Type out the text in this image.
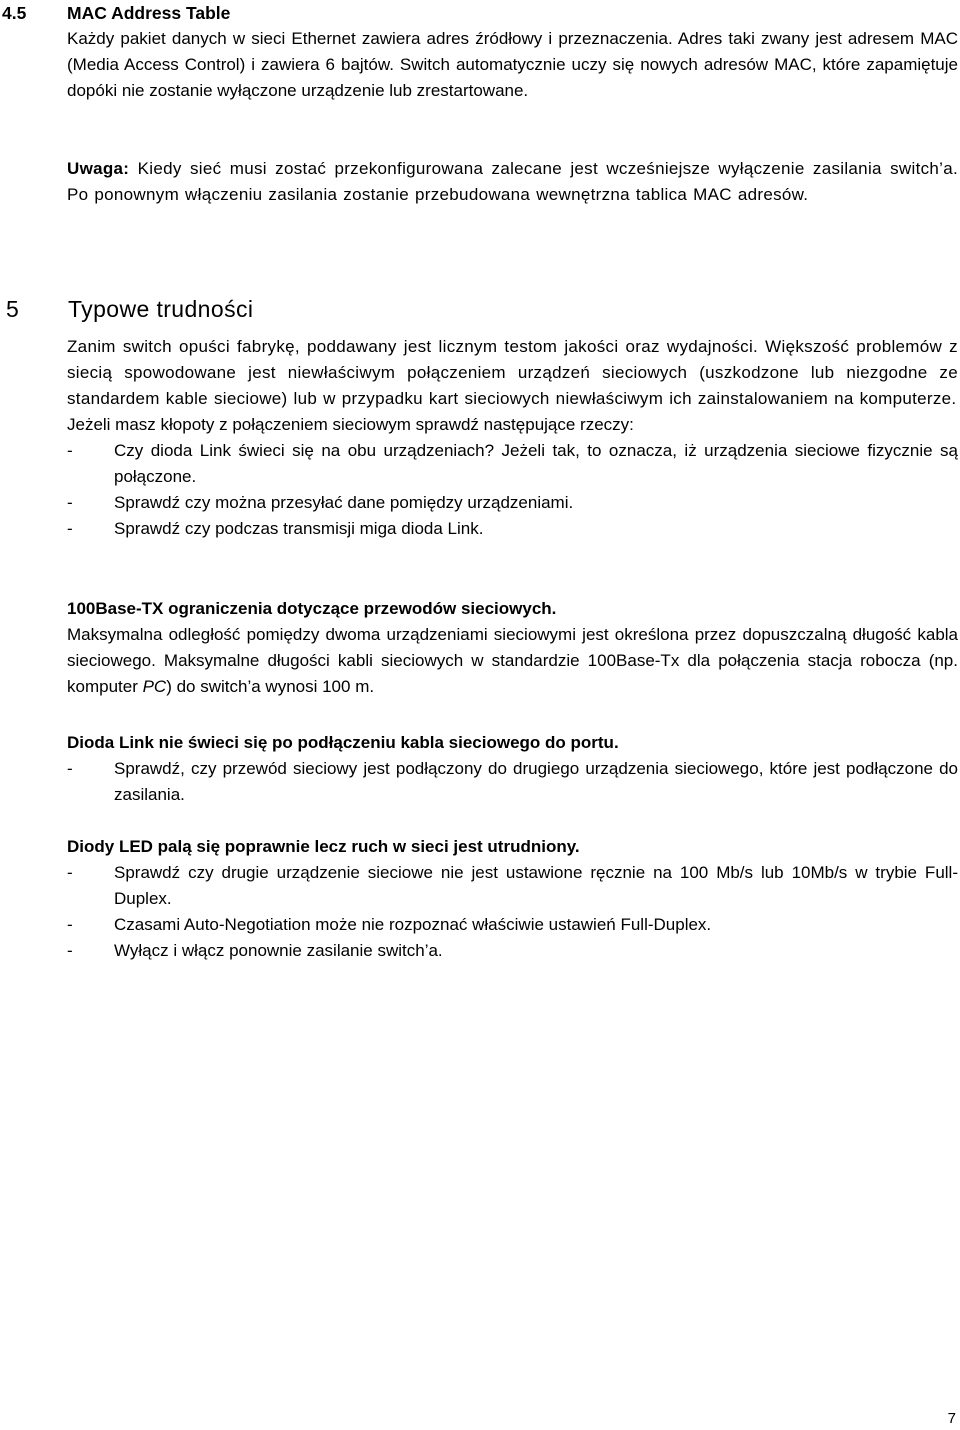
4.5 MAC Address Table

Każdy pakiet danych w sieci Ethernet zawiera adres źródłowy i przeznaczenia. Adres taki zwany jest adresem MAC (Media Access Control) i zawiera 6 bajtów. Switch automatycznie uczy się nowych adresów MAC, które zapamiętuje dopóki nie zostanie wyłączone urządzenie lub zrestartowane.

Uwaga: Kiedy sieć musi zostać przekonfigurowana zalecane jest wcześniejsze wyłączenie zasilania switch’a. Po ponownym włączeniu zasilania zostanie przebudowana wewnętrzna tablica MAC adresów.

5 Typowe trudności

Zanim switch opuści fabrykę, poddawany jest licznym testom jakości oraz wydajności. Większość problemów z siecią spowodowane jest niewłaściwym połączeniem urządzeń sieciowych (uszkodzone lub niezgodne ze standardem kable sieciowe) lub w przypadku kart sieciowych niewłaściwym ich zainstalowaniem na komputerze.

Jeżeli masz kłopoty z połączeniem sieciowym sprawdź następujące rzeczy:

- Czy dioda Link świeci się na obu urządzeniach? Jeżeli tak, to oznacza, iż urządzenia sieciowe fizycznie są połączone.
- Sprawdź czy można przesyłać dane pomiędzy urządzeniami.
- Sprawdź czy podczas transmisji miga dioda Link.

100Base-TX ograniczenia dotyczące przewodów sieciowych.

Maksymalna odległość pomiędzy dwoma urządzeniami sieciowymi jest określona przez dopuszczalną długość kabla sieciowego. Maksymalne długości kabli sieciowych w standardzie 100Base-Tx dla połączenia stacja robocza (np. komputer PC) do switch’a wynosi 100 m.

Dioda Link nie świeci się po podłączeniu kabla sieciowego do portu.

- Sprawdź, czy przewód sieciowy jest podłączony do drugiego urządzenia sieciowego, które jest podłączone do zasilania.

Diody LED palą się poprawnie lecz ruch w sieci jest utrudniony.

- Sprawdź czy drugie urządzenie sieciowe nie jest ustawione ręcznie na 100 Mb/s lub 10Mb/s w trybie Full-Duplex.
- Czasami Auto-Negotiation może nie rozpoznać właściwie ustawień Full-Duplex.
- Wyłącz i włącz ponownie zasilanie switch’a.
7
